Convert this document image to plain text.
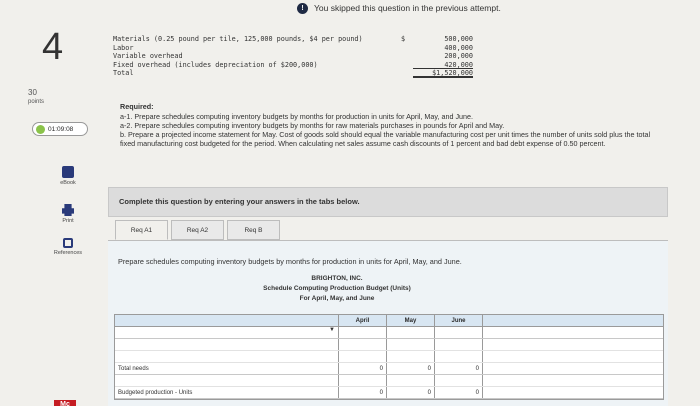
!	You skipped this question in the previous attempt.
4
30
points
01:09:08
eBook
Print
References
Mc
Materials (0.25 pound per tile, 125,000 pounds, $4 per pound)	$	500,000
Labor	400,000
Variable overhead	200,000
Fixed overhead (includes depreciation of $200,000)	420,000
Total	$1,520,000

Required:

a-1. Prepare schedules computing inventory budgets by months for production in units for April, May, and June.

a-2. Prepare schedules computing inventory budgets by months for raw materials purchases in pounds for April and May.

b. Prepare a projected income statement for May. Cost of goods sold should equal the variable manufacturing cost per unit times the number of units sold plus the total fixed manufacturing cost budgeted for the period. When calculating net sales assume cash discounts of 1 percent and bad debt expense of 0.50 percent.

Complete this question by entering your answers in the tabs below.
Req A1	Req A2	Req B
Prepare schedules computing inventory budgets by months for production in units for April, May, and June.
BRIGHTON, INC.
Schedule Computing Production Budget (Units)
For April, May, and June
April	May	June
▼
Total needs	0	0	0
Budgeted production - Units	0	0	0
